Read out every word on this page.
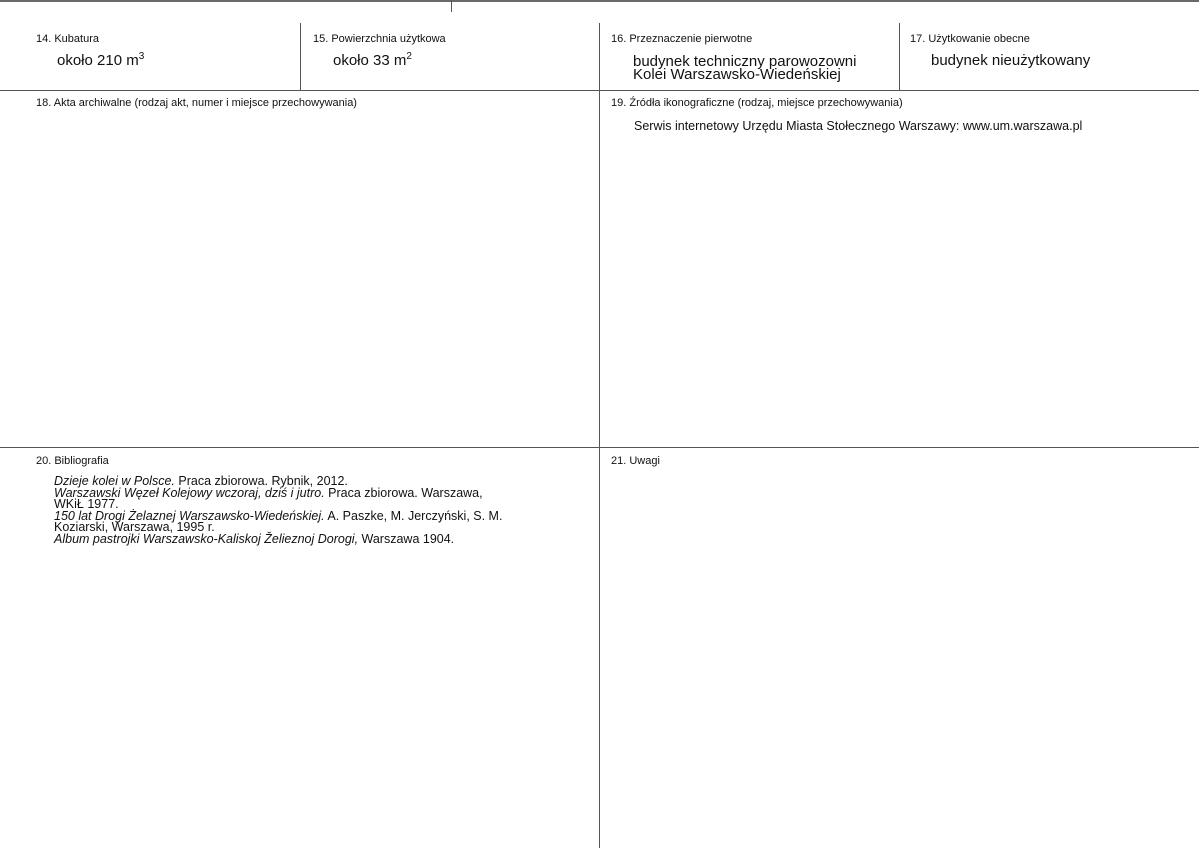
14. Kubatura
około 210 $m^3$
15. Powierzchnia użytkowa
około 33 $m^2$
16. Przeznaczenie pierwotne
budynek techniczny parowozowni
Kolei Warszawsko-Wiedeńskiej
17. Użytkowanie obecne
budynek nieużytkowany
18. Akta archiwalne (rodzaj akt, numer i miejsce przechowywania)	19. Źródła ikonograficzne (rodzaj, miejsce przechowywania)
Serwis internetowy Urzędu Miasta Stołecznego Warszawy: www.um.warszawa.pl
20. Bibliografia
Dzieje kolei w Polsce. Praca zbiorowa. Rybnik, 2012.
Warszawski Węzeł Kolejowy wczoraj, dziś i jutro. Praca zbiorowa. Warszawa,
WKiŁ 1977.
150 lat Drogi Żelaznej Warszawsko-Wiedeńskiej. A. Paszke, M. Jerczyński, S. M.
Koziarski, Warszawa, 1995 r.
Album pastrojki Warszawsko-Kaliskoj Želieznoj Dorogi, Warszawa 1904.
21. Uwagi
